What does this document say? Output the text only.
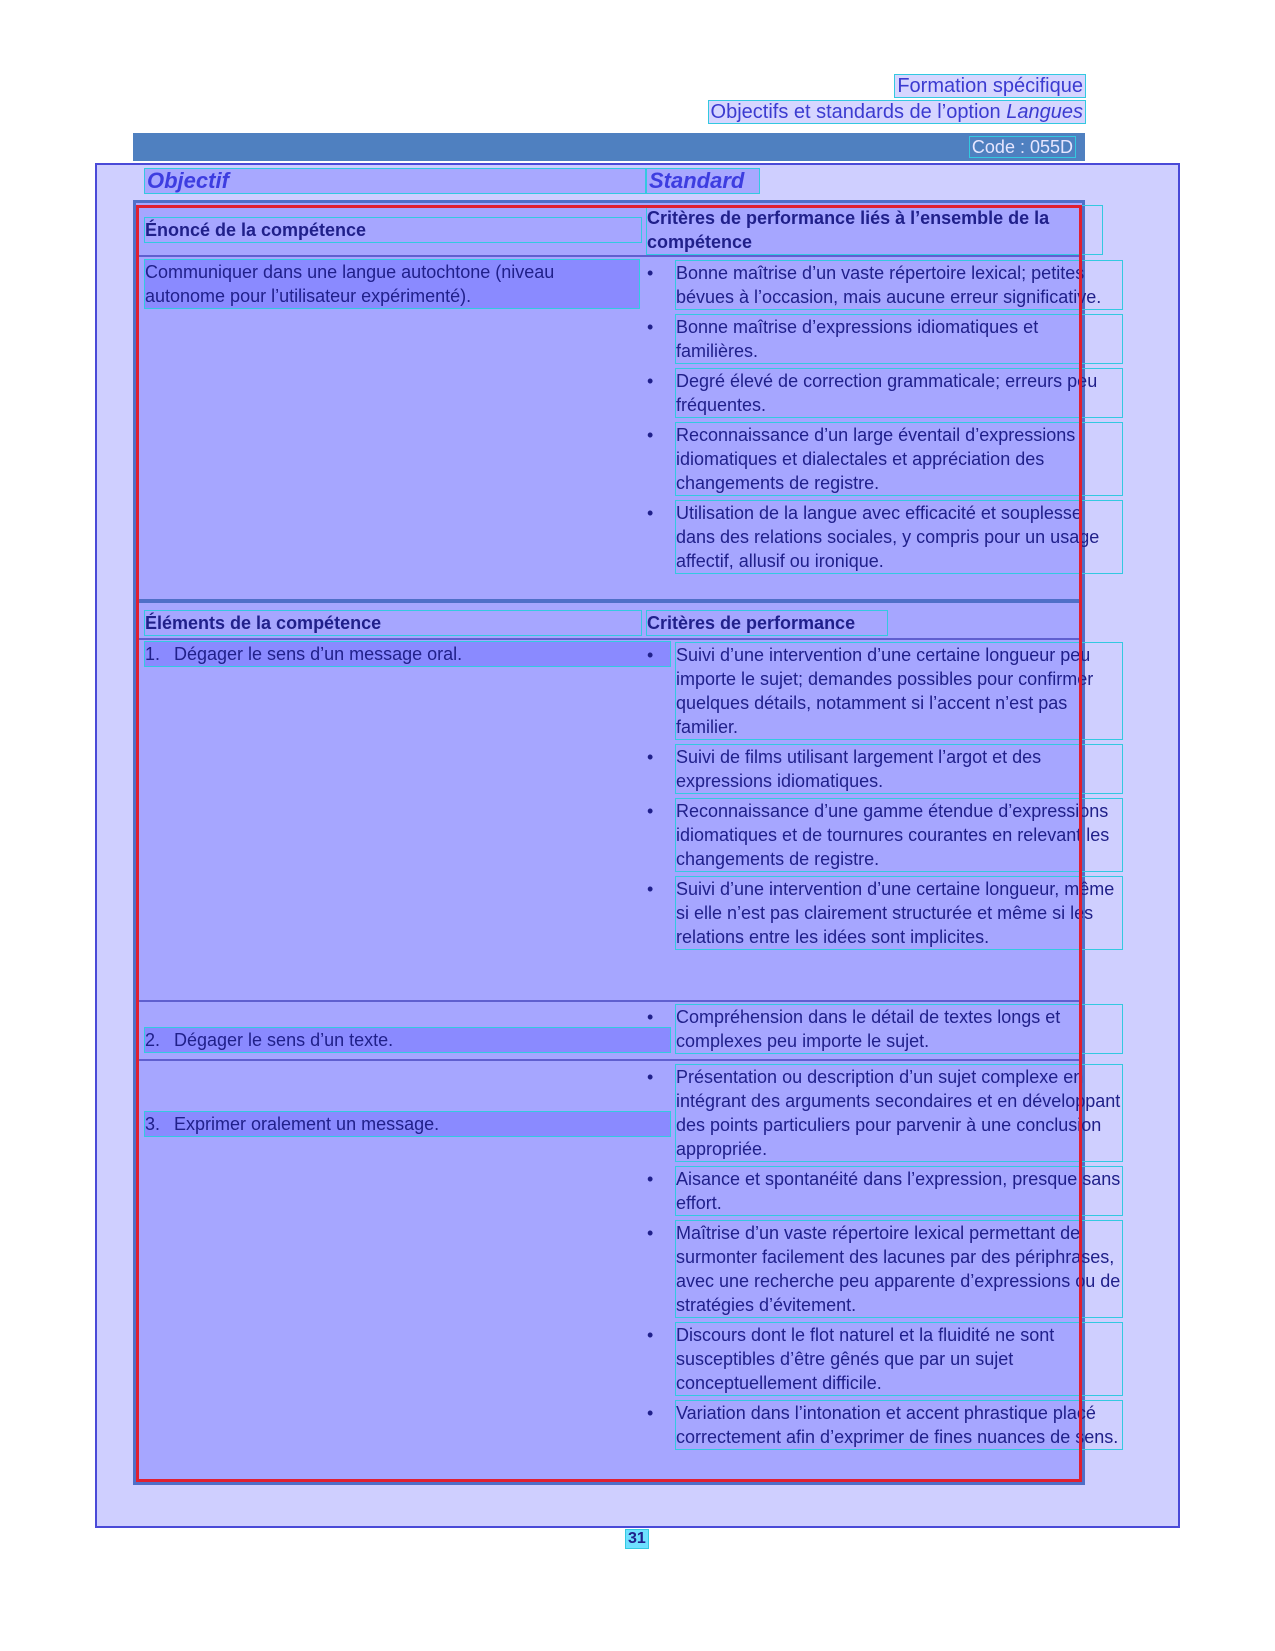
Formation spécifique
Objectifs et standards de l’option Langues
Code : 055D
Objectif	Standard
Énoncé de la compétence
Critères de performance liés à l’ensemble de la compétence
Communiquer dans une langue autochtone (niveau autonome pour l’utilisateur expérimenté).
•
Bonne maîtrise d’un vaste répertoire lexical; petites bévues à l’occasion, mais aucune erreur significative.
•
Bonne maîtrise d’expressions idiomatiques et familières.
•
Degré élevé de correction grammaticale; erreurs peu fréquentes.
•
Reconnaissance d’un large éventail d’expressions idiomatiques et dialectales et appréciation des changements de registre.
•
Utilisation de la langue avec efficacité et souplesse dans des relations sociales, y compris pour un usage affectif, allusif ou ironique.
Éléments de la compétence	Critères de performance
1. Dégager le sens d’un message oral.
•	Suivi d’une intervention d’une certaine longueur peu importe le sujet; demandes possibles pour confirmer quelques détails, notamment si l’accent n’est pas familier.
•
Suivi de films utilisant largement l’argot et des expressions idiomatiques.
•
Reconnaissance d’une gamme étendue d’expressions idiomatiques et de tournures courantes en relevant les changements de registre.
•
Suivi d’une intervention d’une certaine longueur, même si elle n’est pas clairement structurée et même si les relations entre les idées sont implicites.
2. Dégager le sens d’un texte.
•
Compréhension dans le détail de textes longs et complexes peu importe le sujet.
3. Exprimer oralement un message.
•
Présentation ou description d’un sujet complexe en intégrant des arguments secondaires et en développant des points particuliers pour parvenir à une conclusion appropriée.
•
Aisance et spontanéité dans l’expression, presque sans effort.
•
Maîtrise d’un vaste répertoire lexical permettant de surmonter facilement des lacunes par des périphrases, avec une recherche peu apparente d’expressions ou de stratégies d’évitement.
•
Discours dont le flot naturel et la fluidité ne sont susceptibles d’être gênés que par un sujet conceptuellement difficile.
•
Variation dans l’intonation et accent phrastique placé correctement afin d’exprimer de fines nuances de sens.
31
